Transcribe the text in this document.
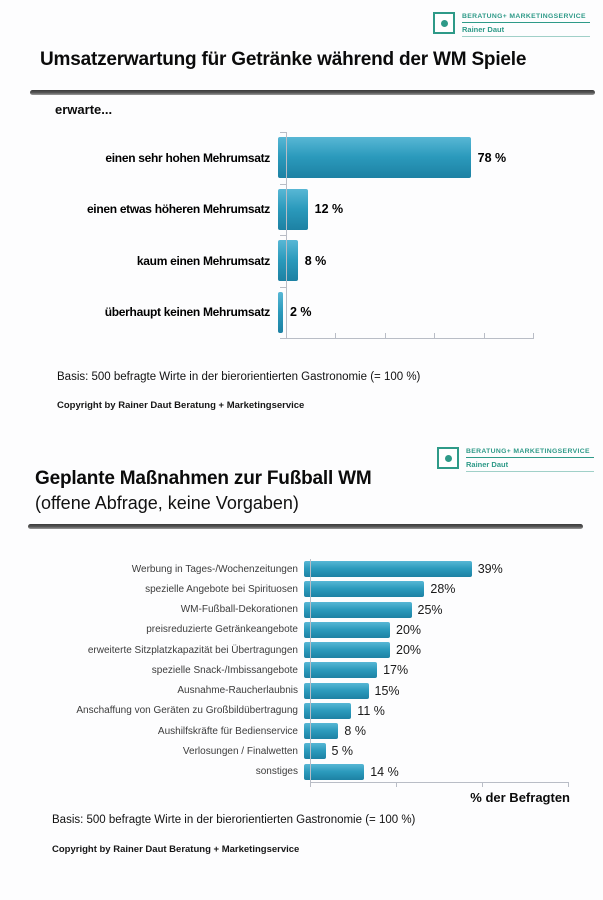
BERATUNG+ MARKETINGSERVICE
Rainer Daut
Umsatzerwartung für Getränke während der WM Spiele
erwarte...
einen sehr hohen Mehrumsatz	78 %
einen etwas höheren Mehrumsatz	12 %
kaum einen Mehrumsatz	8 %
überhaupt keinen Mehrumsatz	2 %
Basis: 500 befragte Wirte in der bierorientierten Gastronomie (= 100 %)
Copyright by Rainer Daut Beratung + Marketingservice
BERATUNG+ MARKETINGSERVICE
Rainer Daut
Geplante Maßnahmen zur Fußball WM
(offene Abfrage, keine Vorgaben)
Werbung in Tages-/Wochenzeitungen	39%
spezielle Angebote bei Spirituosen	28%
WM-Fußball-Dekorationen	25%
preisreduzierte Getränkeangebote	20%
erweiterte Sitzplatzkapazität bei Übertragungen	20%
spezielle Snack-/Imbissangebote	17%
Ausnahme-Raucherlaubnis	15%
Anschaffung von Geräten zu Großbildübertragung	11 %
Aushilfskräfte für Bedienservice	8 %
Verlosungen / Finalwetten	5 %
sonstiges	14 %
% der Befragten
Basis: 500 befragte Wirte in der bierorientierten Gastronomie (= 100 %)
Copyright by Rainer Daut Beratung + Marketingservice
